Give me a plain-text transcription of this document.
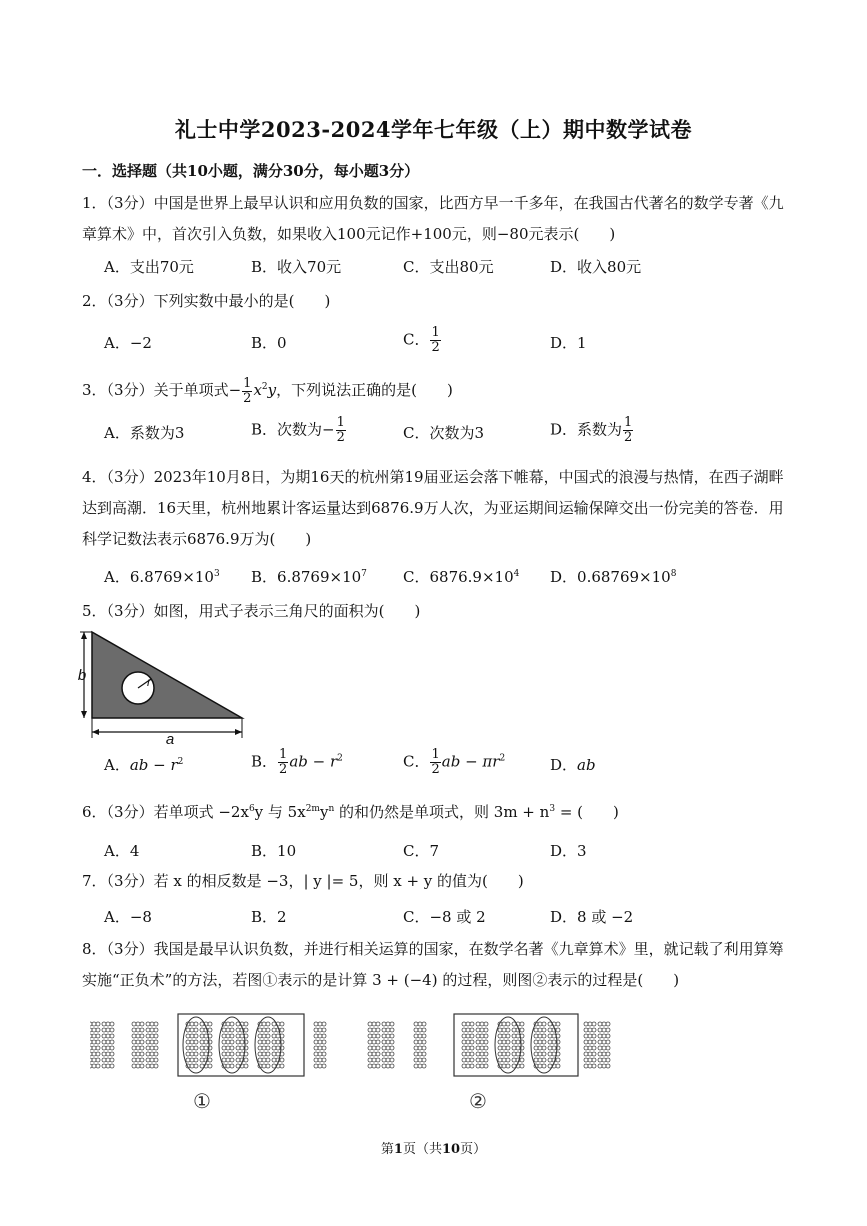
礼士中学2023-2024学年七年级（上）期中数学试卷
一．选择题（共10小题，满分30分，每小题3分）
1．（3分）中国是世界上最早认识和应用负数的国家，比西方早一千多年，在我国古代著名的数学专著《九章算术》中，首次引入负数，如果收入100元记作+100元，则−80元表示(　　)
A．支出70元	B．收入70元	C．支出80元	D．收入80元
2．（3分）下列实数中最小的是(　　)
A．−2	B．0	C． $\frac{1}{2}$	D．1
3．（3分）关于单项式− $\frac{1}{2} x^2y$，下列说法正确的是(　　)
A．系数为3	B．次数为− $\frac{1}{2}$	C．次数为3	D．系数为 $\frac{1}{2}$
4．（3分）2023年10月8日，为期16天的杭州第19届亚运会落下帷幕，中国式的浪漫与热情，在西子湖畔达到高潮．16天里，杭州地累计客运量达到6876.9万人次，为亚运期间运输保障交出一份完美的答卷．用科学记数法表示6876.9万为(　　)
A．$6.8769\times 10^3$ B．$6.8769\times 10^7$ C．$6876.9\times 10^4$ D．$0.68769\times 10^8$
5．（3分）如图，用式子表示三角尺的面积为(　　)
b	r
a
A．ab − $r^2$	B． $\frac{1}{2}$ ab − $r^2$	C． $\frac{1}{2}$ ab − $\pi r^2$	D．ab
6．（3分）若单项式 $-2x^6y$ 与 $5x^{2m}y^n$ 的和仍然是单项式，则 $3m + n^3$ = (　　)
A．4	B．10	C．7	D．3
7．（3分）若 x 的相反数是 −3，| y |= 5，则 x + y 的值为(　　)
A．−8	B．2	C．−8 或 2	D．8 或 −2
8．（3分）我国是最早认识负数，并进行相关运算的国家，在数学名著《九章算术》里，就记载了利用算筹实施“正负术”的方法，若图①表示的是计算 3 + (−4) 的过程，则图②表示的过程是(　　)
①	②
第1页（共10页）
